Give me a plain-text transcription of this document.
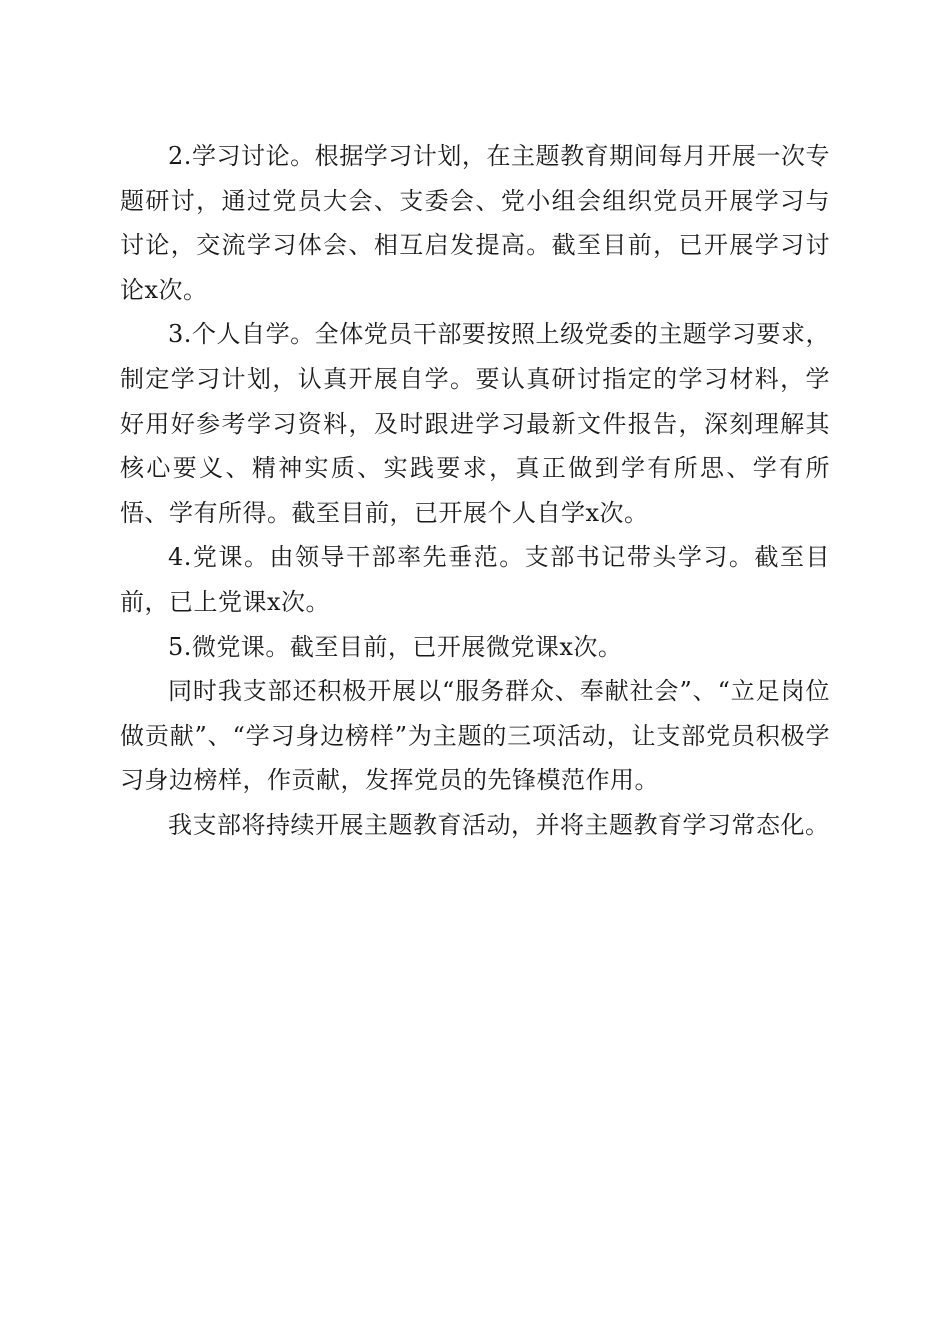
2.学习讨论。根据学习计划，在主题教育期间每月开展一次专题研讨，通过党员大会、支委会、党小组会组织党员开展学习与讨论，交流学习体会、相互启发提高。截至目前，已开展学习讨论x次。

3.个人自学。全体党员干部要按照上级党委的主题学习要求，制定学习计划，认真开展自学。要认真研讨指定的学习材料，学好用好参考学习资料，及时跟进学习最新文件报告，深刻理解其核心要义、精神实质、实践要求，真正做到学有所思、学有所悟、学有所得。截至目前，已开展个人自学x次。

4.党课。由领导干部率先垂范。支部书记带头学习。截至目前，已上党课x次。

5.微党课。截至目前，已开展微党课x次。

同时我支部还积极开展以“服务群众、奉献社会”、“立足岗位做贡献”、“学习身边榜样”为主题的三项活动，让支部党员积极学习身边榜样，作贡献，发挥党员的先锋模范作用。

我支部将持续开展主题教育活动，并将主题教育学习常态化。
